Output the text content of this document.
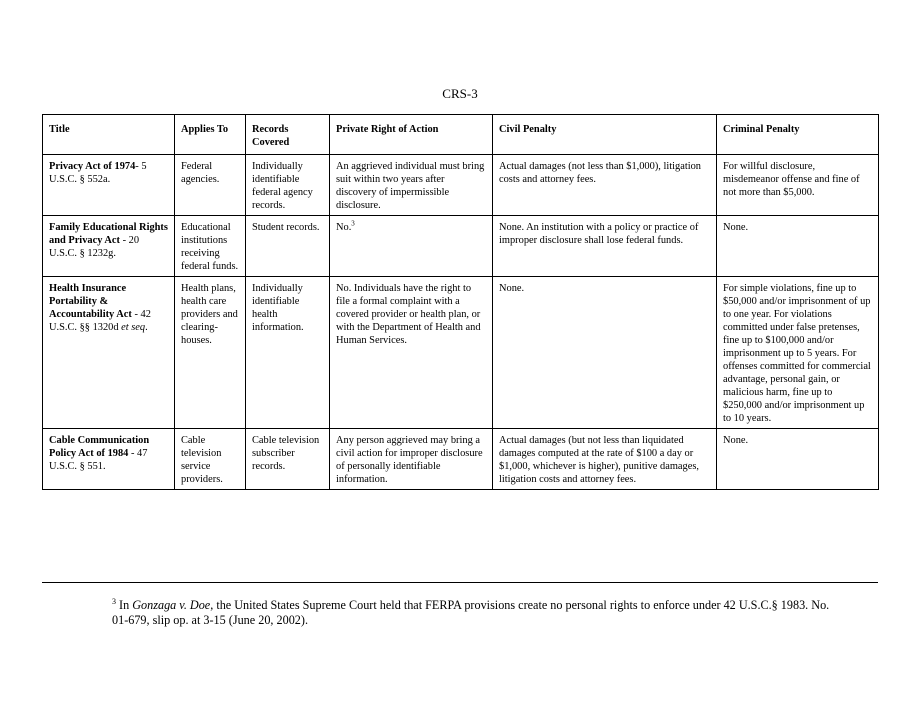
CRS-3
Title	Applies To	Records Covered	Private Right of Action	Civil Penalty	Criminal Penalty
Privacy Act of 1974- 5 U.S.C. § 552a.	Federal agencies.	Individually identifiable federal agency records.	An aggrieved individual must bring suit within two years after discovery of impermissible disclosure.	Actual damages (not less than $1,000), litigation costs and attorney fees.	For willful disclosure, misdemeanor offense and fine of not more than $5,000.
Family Educational Rights and Privacy Act - 20 U.S.C. § 1232g.	Educational institutions receiving federal funds.	Student records.	No.$^3$	None. An institution with a policy or practice of improper disclosure shall lose federal funds.	None.
Health Insurance Portability & Accountability Act - 42 U.S.C. §§ 1320d et seq.	Health plans, health care providers and clearing-houses.	Individually identifiable health information.	No. Individuals have the right to file a formal complaint with a covered provider or health plan, or with the Department of Health and Human Services.	None.	For simple violations, fine up to $50,000 and/or imprisonment of up to one year. For violations committed under false pretenses, fine up to $100,000 and/or imprisonment up to 5 years. For offenses committed for commercial advantage, personal gain, or malicious harm, fine up to $250,000 and/or imprisonment up to 10 years.
Cable Communication Policy Act of 1984 - 47 U.S.C. § 551.	Cable television service providers.	Cable television subscriber records.	Any person aggrieved may bring a civil action for improper disclosure of personally identifiable information.	Actual damages (but not less than liquidated damages computed at the rate of $100 a day or $1,000, whichever is higher), punitive damages, litigation costs and attorney fees.	None.
$^3$ In Gonzaga v. Doe, the United States Supreme Court held that FERPA provisions create no personal rights to enforce under 42 U.S.C.§ 1983. No. 01-679, slip op. at 3-15 (June 20, 2002).
